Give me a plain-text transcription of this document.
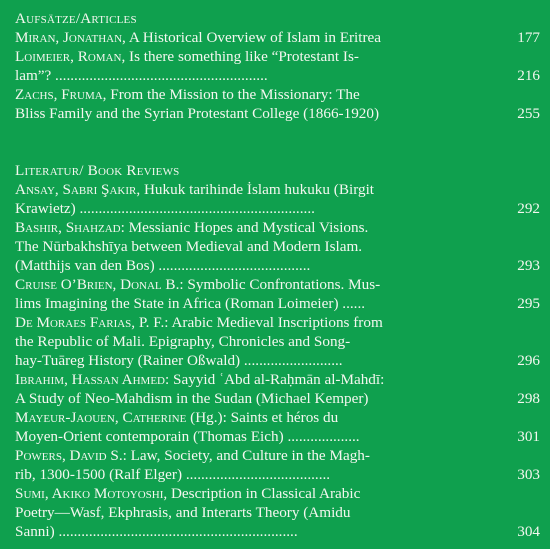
Aufsätze/Articles

Miran, Jonathan, A Historical Overview of Islam in Eritrea	177
Loimeier, Roman, Is there something like “Protestant Is-
lam”? ........................................................	216
Zachs, Fruma, From the Mission to the Missionary: The
Bliss Family and the Syrian Protestant College (1866-1920)	255

Literatur/ Book Reviews

Ansay, Sabri Şakir, Hukuk tarihinde İslam hukuku (Birgit
Krawietz) ..............................................................	292
Bashir, Shahzad: Messianic Hopes and Mystical Visions.
The Nūrbakhshīya between Medieval and Modern Islam.
(Matthijs van den Bos) ........................................	293
Cruise O’Brien, Donal B.: Symbolic Confrontations. Mus-
lims Imagining the State in Africa (Roman Loimeier) ......	295
De Moraes Farias, P. F.: Arabic Medieval Inscriptions from
the Republic of Mali. Epigraphy, Chronicles and Song-
hay-Tuāreg History (Rainer Oßwald) ..........................	296
Ibrahim, Hassan Ahmed: Sayyid ʿAbd al-Raḥmān al-Mahdī:
A Study of Neo-Mahdism in the Sudan (Michael Kemper)	298
Mayeur-Jaouen, Catherine (Hg.): Saints et héros du
Moyen-Orient contemporain (Thomas Eich) ...................	301
Powers, David S.: Law, Society, and Culture in the Magh-
rib, 1300-1500 (Ralf Elger) ......................................	303
Sumi, Akiko Motoyoshi, Description in Classical Arabic
Poetry—Wasf, Ekphrasis, and Interarts Theory (Amidu
Sanni) ...............................................................	304
